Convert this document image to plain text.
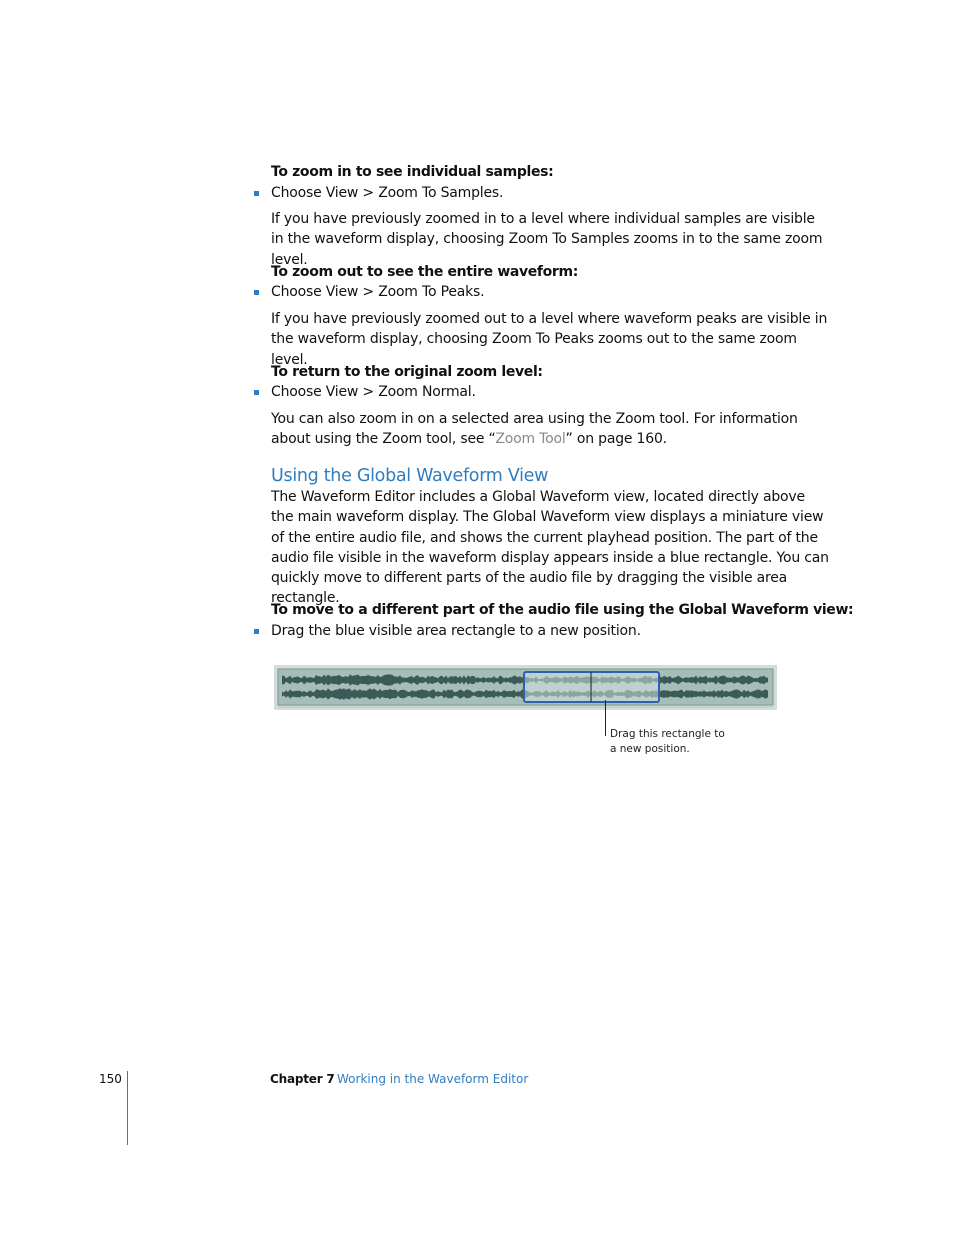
To zoom in to see individual samples:
Choose View > Zoom To Samples.
If you have previously zoomed in to a level where individual samples are visible in the waveform display, choosing Zoom To Samples zooms in to the same zoom level.
To zoom out to see the entire waveform:
Choose View > Zoom To Peaks.
If you have previously zoomed out to a level where waveform peaks are visible in the waveform display, choosing Zoom To Peaks zooms out to the same zoom level.
To return to the original zoom level:
Choose View > Zoom Normal.
You can also zoom in on a selected area using the Zoom tool. For information about using the Zoom tool, see “Zoom Tool” on page 160.
Using the Global Waveform View
The Waveform Editor includes a Global Waveform view, located directly above the main waveform display. The Global Waveform view displays a miniature view of the entire audio file, and shows the current playhead position. The part of the audio file visible in the waveform display appears inside a blue rectangle. You can quickly move to different parts of the audio file by dragging the visible area rectangle.
To move to a different part of the audio file using the Global Waveform view:
Drag the blue visible area rectangle to a new position.
Drag this rectangle to
a new position.
150	Chapter 7 Working in the Waveform Editor
